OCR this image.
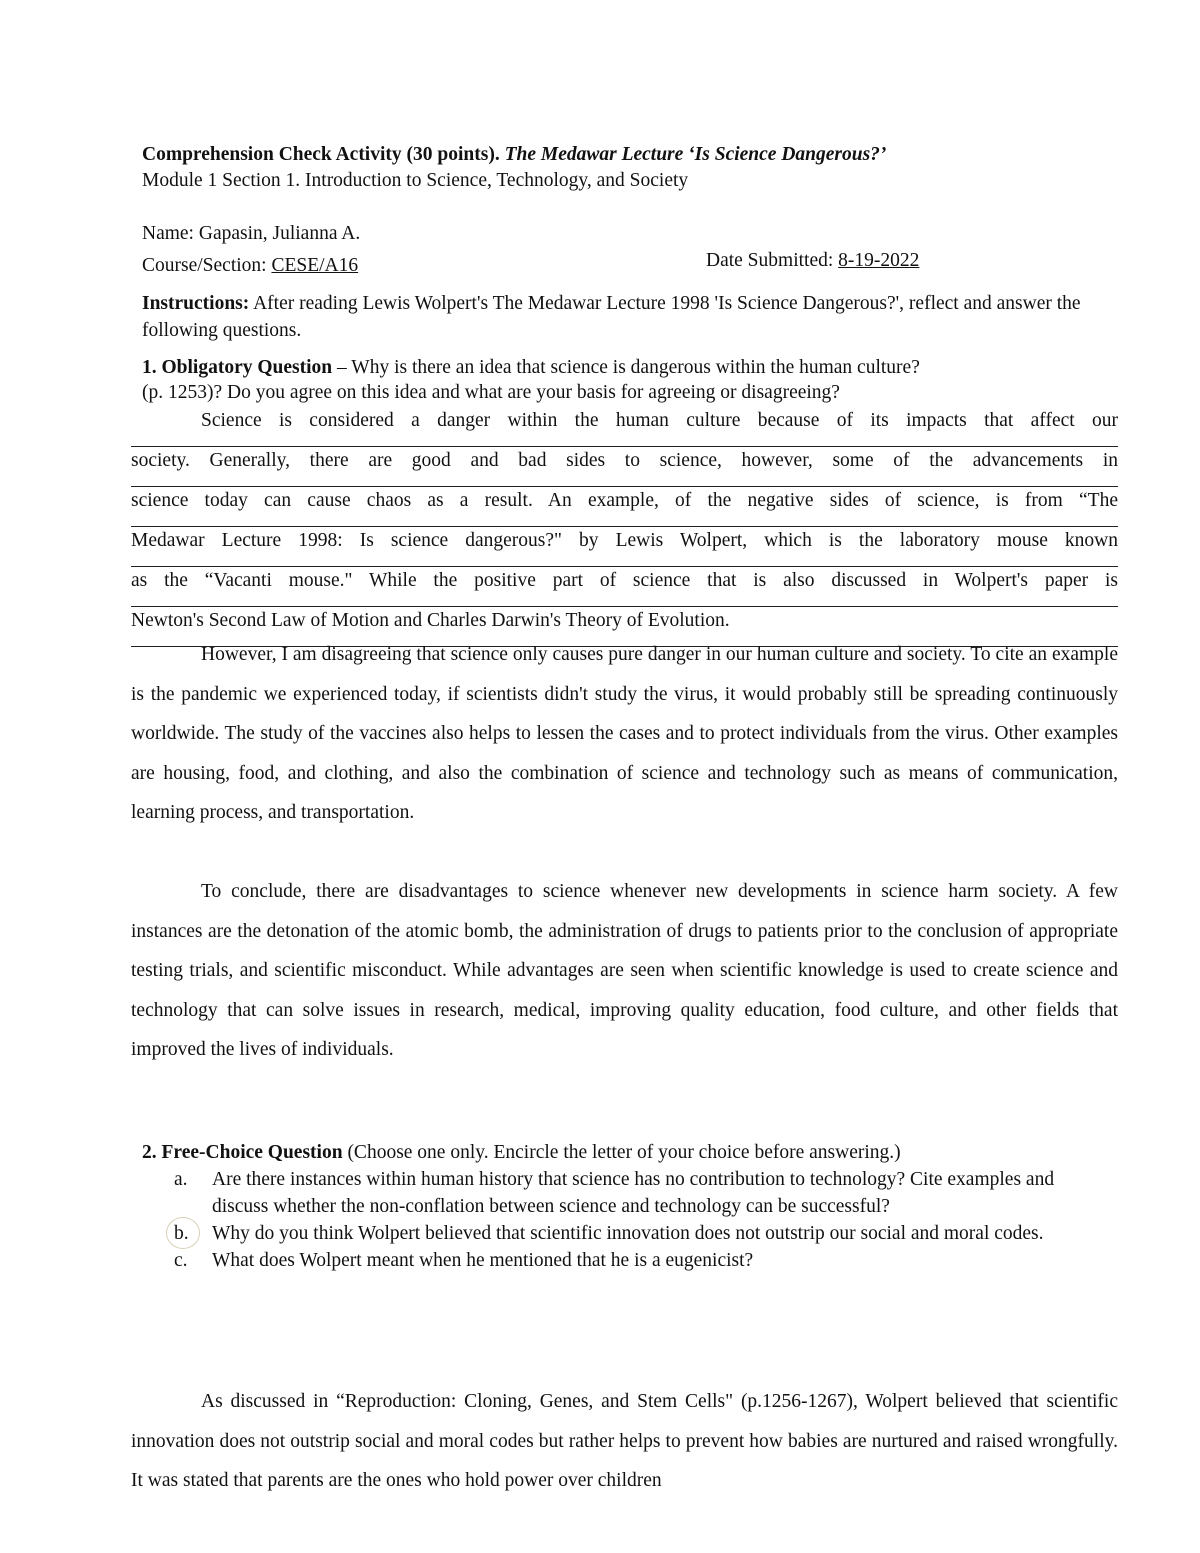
Comprehension Check Activity (30 points). The Medawar Lecture ‘Is Science Dangerous?’
Module 1 Section 1. Introduction to Science, Technology, and Society
Name: Gapasin, Julianna A.
Course/Section: CESE/A16	Date Submitted: 8-19-2022
Instructions: After reading Lewis Wolpert's The Medawar Lecture 1998 'Is Science Dangerous?', reflect and answer the following questions.
1. Obligatory Question – Why is there an idea that science is dangerous within the human culture?
(p. 1253)? Do you agree on this idea and what are your basis for agreeing or disagreeing?
Science is considered a danger within the human culture because of its impacts that affect our
society. Generally, there are good and bad sides to science, however, some of the advancements in
science today can cause chaos as a result. An example, of the negative sides of science, is from “The
Medawar Lecture 1998: Is science dangerous?" by Lewis Wolpert, which is the laboratory mouse known
as the “Vacanti mouse." While the positive part of science that is also discussed in Wolpert's paper is
Newton's Second Law of Motion and Charles Darwin's Theory of Evolution.
However, I am disagreeing that science only causes pure danger in our human culture and society. To cite an example is the pandemic we experienced today, if scientists didn't study the virus, it would probably still be spreading continuously worldwide. The study of the vaccines also helps to lessen the cases and to protect individuals from the virus. Other examples are housing, food, and clothing, and also the combination of science and technology such as means of communication, learning process, and transportation.
To conclude, there are disadvantages to science whenever new developments in science harm society. A few instances are the detonation of the atomic bomb, the administration of drugs to patients prior to the conclusion of appropriate testing trials, and scientific misconduct. While advantages are seen when scientific knowledge is used to create science and technology that can solve issues in research, medical, improving quality education, food culture, and other fields that improved the lives of individuals.
2. Free-Choice Question (Choose one only. Encircle the letter of your choice before answering.)
a.	Are there instances within human history that science has no contribution to technology? Cite examples and discuss whether the non-conflation between science and technology can be successful?
b.	Why do you think Wolpert believed that scientific innovation does not outstrip our social and moral codes.
c.	What does Wolpert meant when he mentioned that he is a eugenicist?
As discussed in “Reproduction: Cloning, Genes, and Stem Cells" (p.1256-1267), Wolpert believed that scientific innovation does not outstrip social and moral codes but rather helps to prevent how babies are nurtured and raised wrongfully. It was stated that parents are the ones who hold power over children
